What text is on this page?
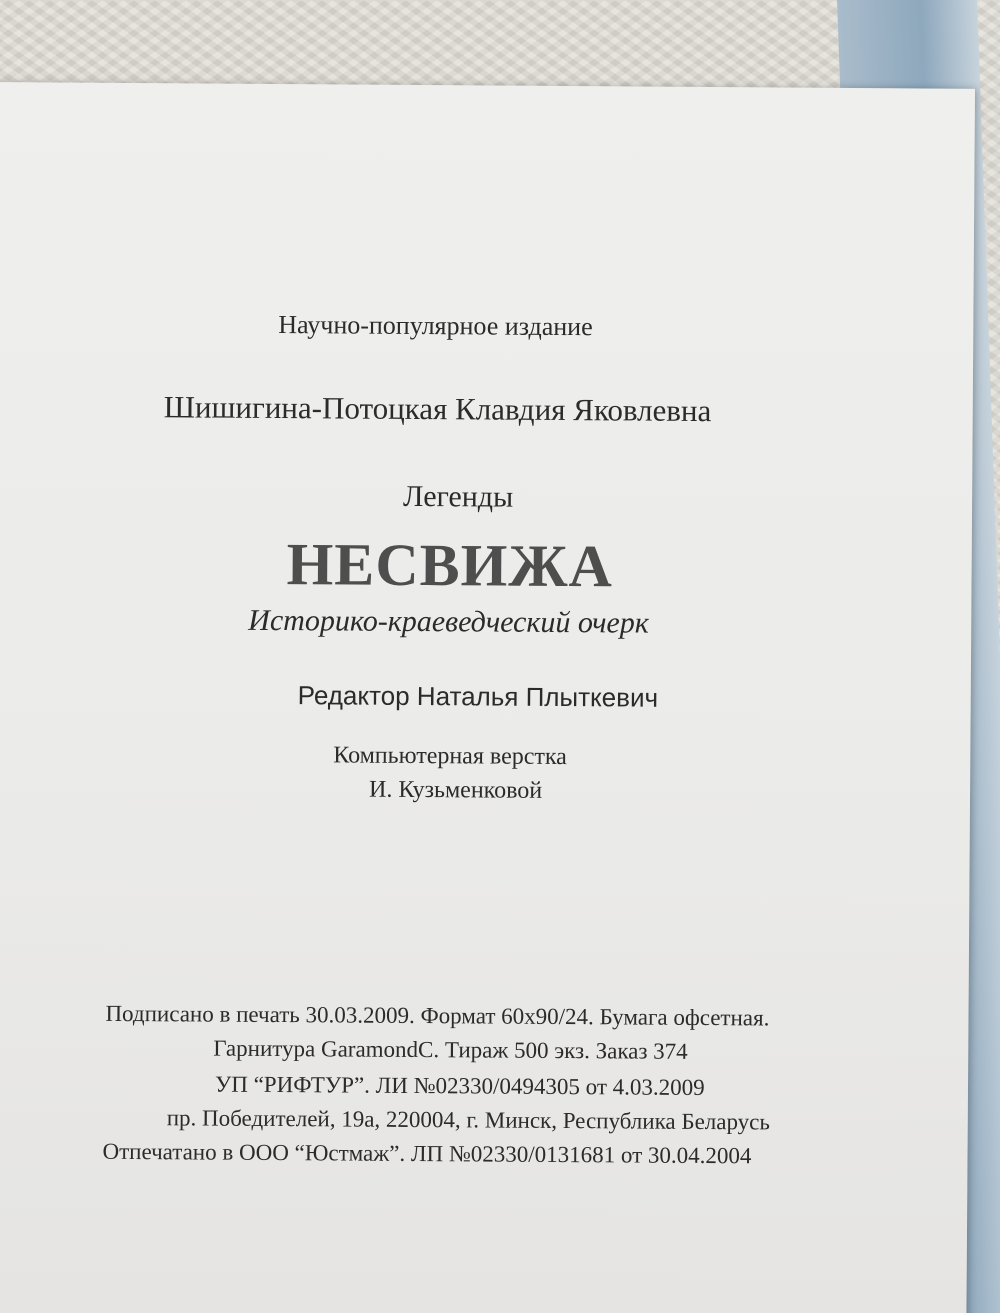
Научно-популярное издание
Шишигина-Потоцкая Клавдия Яковлевна
Легенды
НЕСВИЖА
Историко-краеведческий очерк
Редактор Наталья Плыткевич
Компьютерная верстка
И. Кузьменковой
Подписано в печать 30.03.2009. Формат 60x90/24. Бумага офсетная.
Гарнитура GaramondC. Тираж 500 экз. Заказ 374
УП “РИФТУР”. ЛИ №02330/0494305 от 4.03.2009
пр. Победителей, 19а, 220004, г. Минск, Республика Беларусь
Отпечатано в ООО “Юстмаж”. ЛП №02330/0131681 от 30.04.2004
